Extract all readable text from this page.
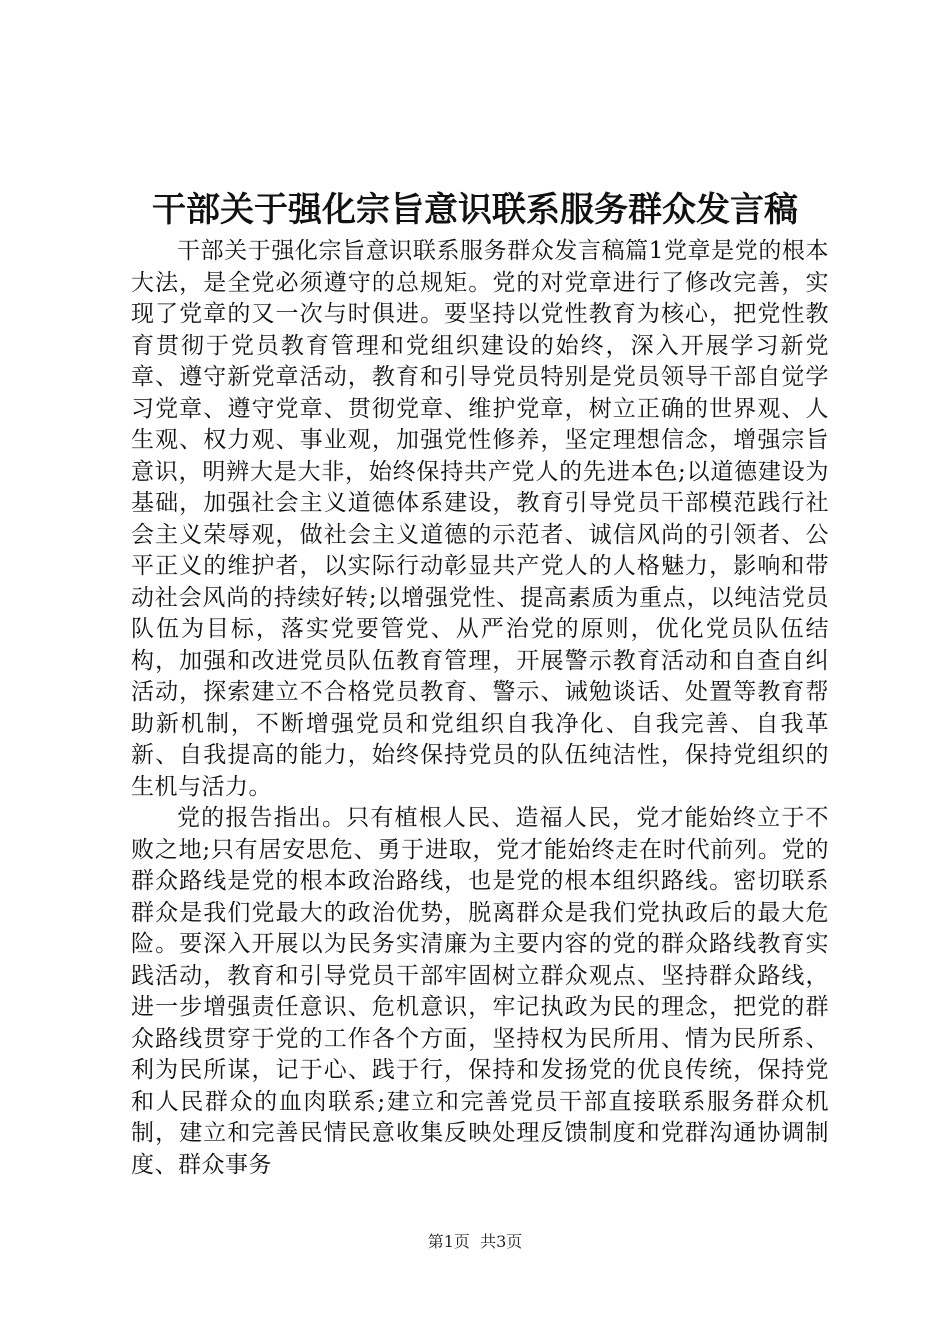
干部关于强化宗旨意识联系服务群众发言稿

干部关于强化宗旨意识联系服务群众发言稿篇1党章是党的根本大法，是全党必须遵守的总规矩。党的对党章进行了修改完善，实现了党章的又一次与时俱进。要坚持以党性教育为核心，把党性教育贯彻于党员教育管理和党组织建设的始终，深入开展学习新党章、遵守新党章活动，教育和引导党员特别是党员领导干部自觉学习党章、遵守党章、贯彻党章、维护党章，树立正确的世界观、人生观、权力观、事业观，加强党性修养，坚定理想信念，增强宗旨意识，明辨大是大非，始终保持共产党人的先进本色;以道德建设为基础，加强社会主义道德体系建设，教育引导党员干部模范践行社会主义荣辱观，做社会主义道德的示范者、诚信风尚的引领者、公平正义的维护者，以实际行动彰显共产党人的人格魅力，影响和带动社会风尚的持续好转;以增强党性、提高素质为重点，以纯洁党员队伍为目标，落实党要管党、从严治党的原则，优化党员队伍结构，加强和改进党员队伍教育管理，开展警示教育活动和自查自纠活动，探索建立不合格党员教育、警示、诫勉谈话、处置等教育帮助新机制，不断增强党员和党组织自我净化、自我完善、自我革新、自我提高的能力，始终保持党员的队伍纯洁性，保持党组织的生机与活力。

党的报告指出。只有植根人民、造福人民，党才能始终立于不败之地;只有居安思危、勇于进取，党才能始终走在时代前列。党的群众路线是党的根本政治路线，也是党的根本组织路线。密切联系群众是我们党最大的政治优势，脱离群众是我们党执政后的最大危险。要深入开展以为民务实清廉为主要内容的党的群众路线教育实践活动，教育和引导党员干部牢固树立群众观点、坚持群众路线，进一步增强责任意识、危机意识，牢记执政为民的理念，把党的群众路线贯穿于党的工作各个方面，坚持权为民所用、情为民所系、利为民所谋，记于心、践于行，保持和发扬党的优良传统，保持党和人民群众的血肉联系;建立和完善党员干部直接联系服务群众机制，建立和完善民情民意收集反映处理反馈制度和党群沟通协调制度、群众事务

第1页  共3页
